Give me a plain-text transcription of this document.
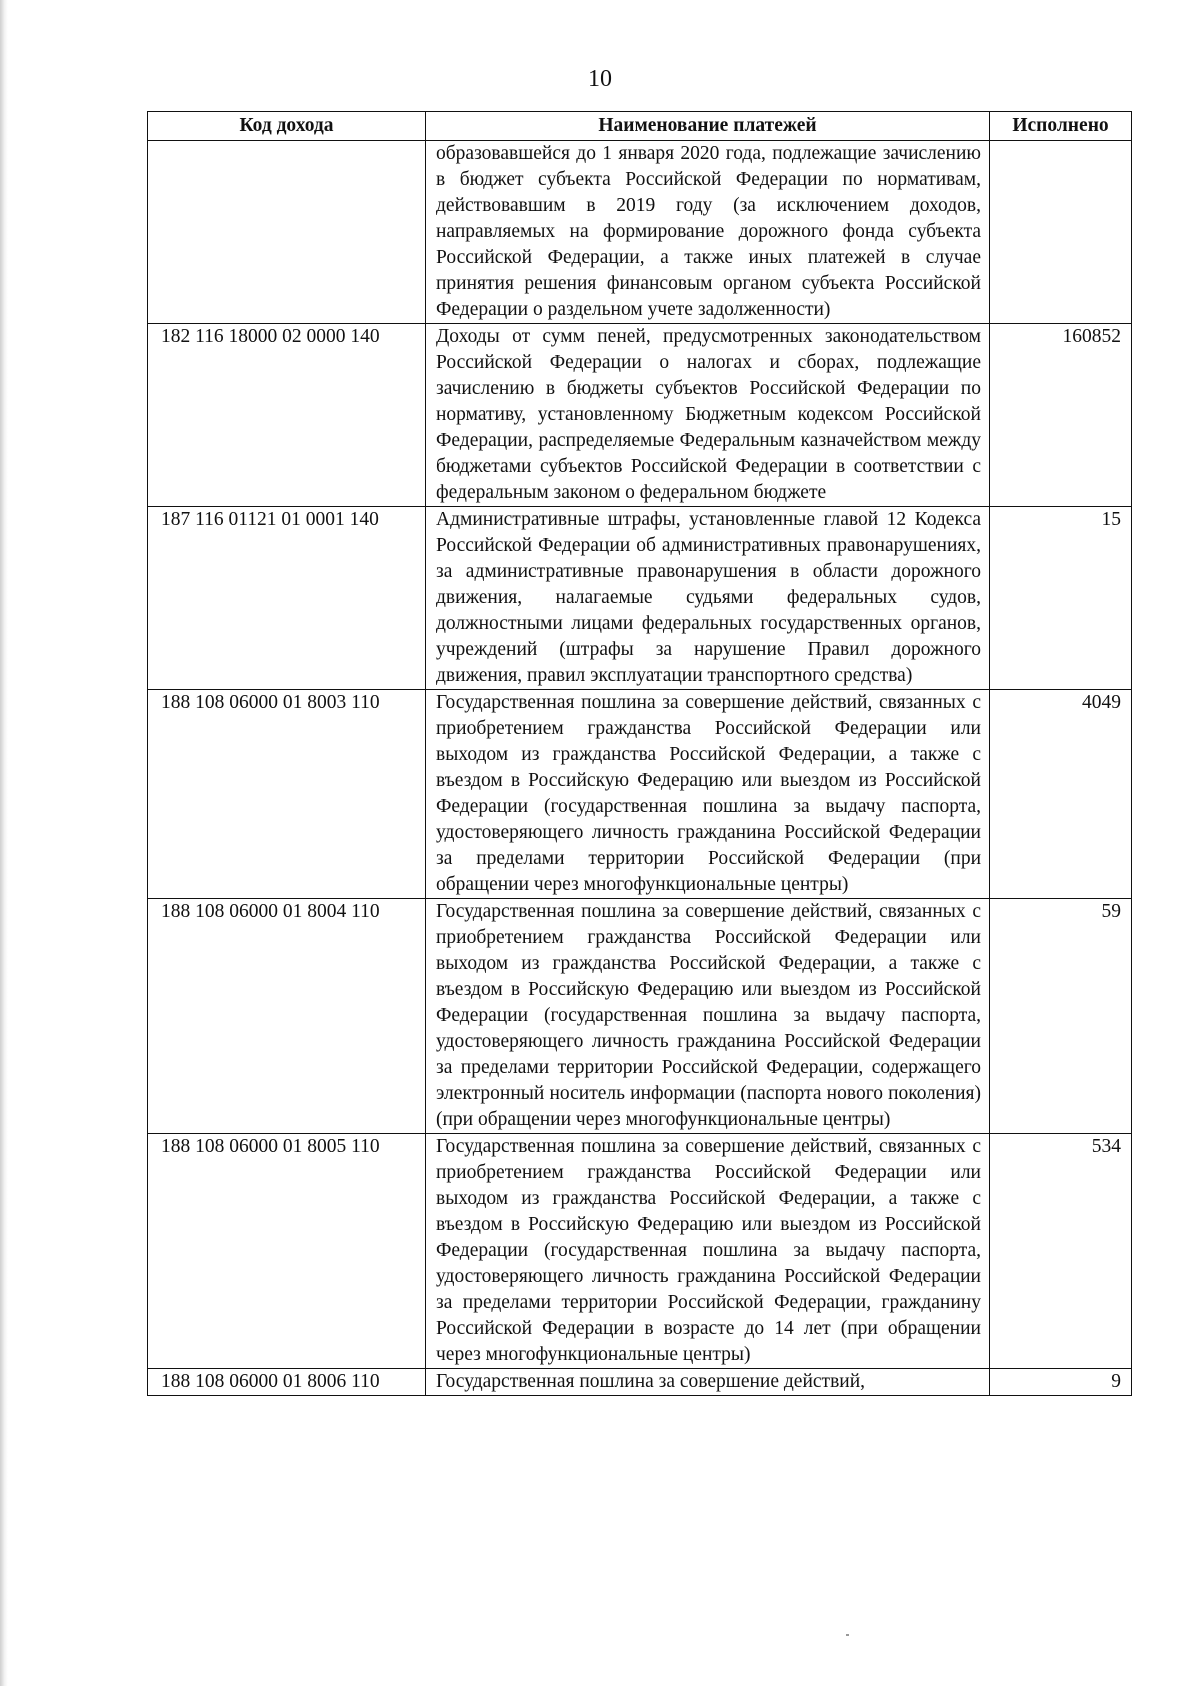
10
Код дохода	Наименование платежей	Исполнено
	образовавшейся до 1 января 2020 года, подлежащие зачислению в бюджет субъекта Российской Федерации по нормативам, действовавшим в 2019 году (за исключением доходов, направляемых на формирование дорожного фонда субъекта Российской Федерации, а также иных платежей в случае принятия решения финансовым органом субъекта Российской Федерации о раздельном учете задолженности)	
182 116 18000 02 0000 140	Доходы от сумм пеней, предусмотренных законодательством Российской Федерации о налогах и сборах, подлежащие зачислению в бюджеты субъектов Российской Федерации по нормативу, установленному Бюджетным кодексом Российской Федерации, распределяемые Федеральным казначейством между бюджетами субъектов Российской Федерации в соответствии с федеральным законом о федеральном бюджете	160852
187 116 01121 01 0001 140	Административные штрафы, установленные главой 12 Кодекса Российской Федерации об административных правонарушениях, за административные правонарушения в области дорожного движения, налагаемые судьями федеральных судов, должностными лицами федеральных государственных органов, учреждений (штрафы за нарушение Правил дорожного движения, правил эксплуатации транспортного средства)	15
188 108 06000 01 8003 110	Государственная пошлина за совершение действий, связанных с приобретением гражданства Российской Федерации или выходом из гражданства Российской Федерации, а также с въездом в Российскую Федерацию или выездом из Российской Федерации (государственная пошлина за выдачу паспорта, удостоверяющего личность гражданина Российской Федерации за пределами территории Российской Федерации (при обращении через многофункциональные центры)	4049
188 108 06000 01 8004 110	Государственная пошлина за совершение действий, связанных с приобретением гражданства Российской Федерации или выходом из гражданства Российской Федерации, а также с въездом в Российскую Федерацию или выездом из Российской Федерации (государственная пошлина за выдачу паспорта, удостоверяющего личность гражданина Российской Федерации за пределами территории Российской Федерации, содержащего электронный носитель информации (паспорта нового поколения) (при обращении через многофункциональные центры)	59
188 108 06000 01 8005 110	Государственная пошлина за совершение действий, связанных с приобретением гражданства Российской Федерации или выходом из гражданства Российской Федерации, а также с въездом в Российскую Федерацию или выездом из Российской Федерации (государственная пошлина за выдачу паспорта, удостоверяющего личность гражданина Российской Федерации за пределами территории Российской Федерации, гражданину Российской Федерации в возрасте до 14 лет (при обращении через многофункциональные центры)	534
188 108 06000 01 8006 110	Государственная пошлина за совершение действий,	9
